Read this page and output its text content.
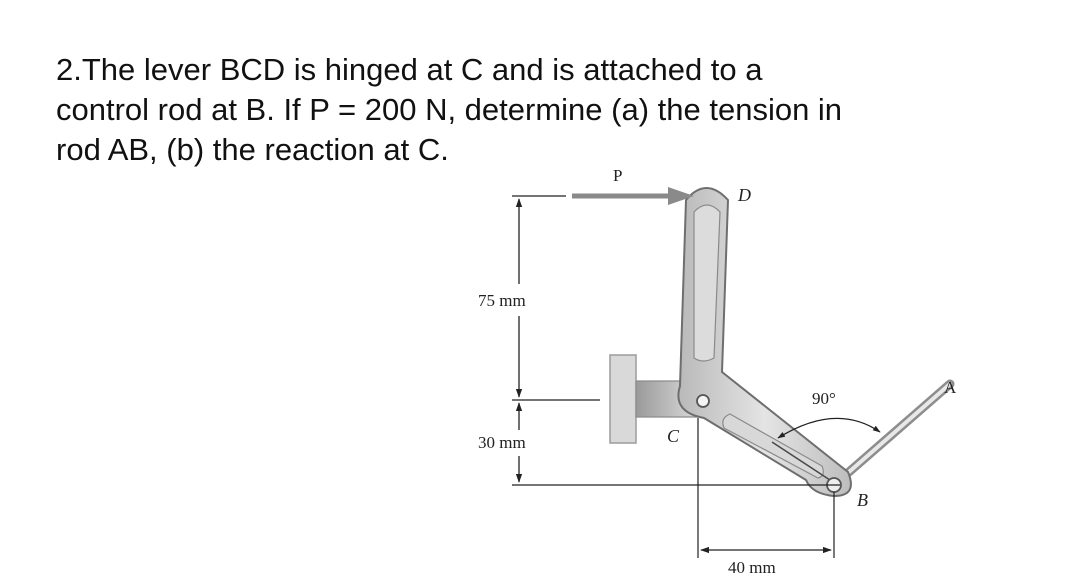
2.The lever BCD is hinged at C and is attached to a
control rod at B. If P = 200 N, determine (a) the tension in
rod AB, (b) the reaction at C.
P
D
C
B
A
90°
75 mm
30 mm
40 mm
